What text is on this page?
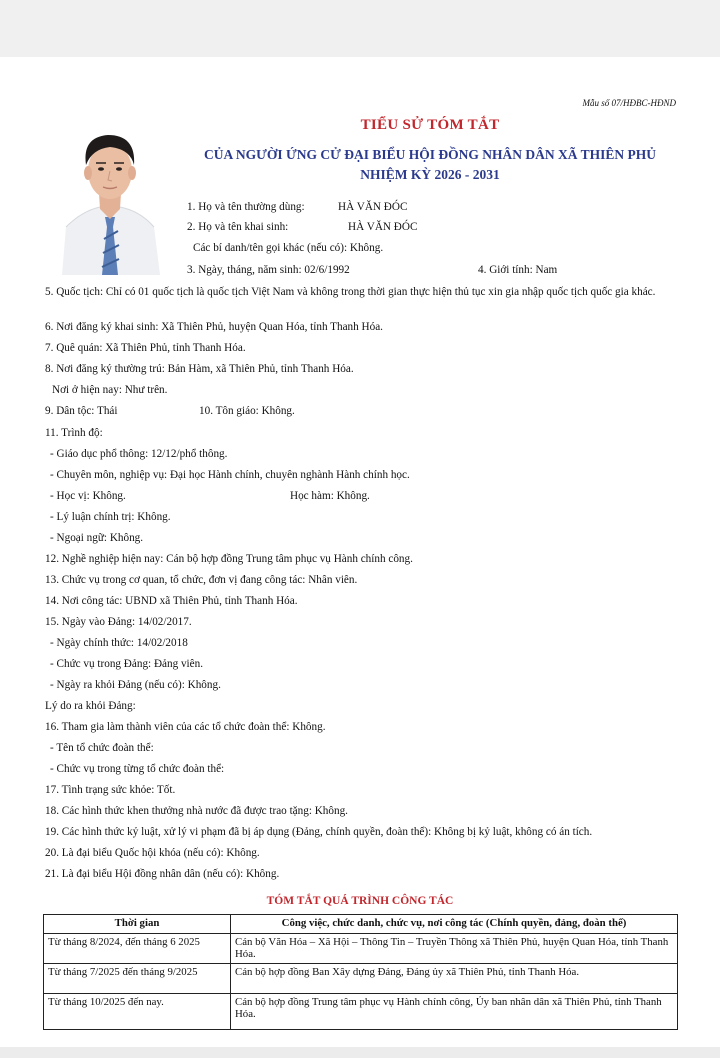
Mẫu số 07/HĐBC-HĐND
TIỂU SỬ TÓM TẮT
CỦA NGƯỜI ỨNG CỬ ĐẠI BIỂU HỘI ĐỒNG NHÂN DÂN XÃ THIÊN PHỦ
NHIỆM KỲ 2026 - 2031
1. Họ và tên thường dùng:	HÀ VĂN ĐÓC
2. Họ và tên khai sinh:	HÀ VĂN ĐÓC
Các bí danh/tên gọi khác (nếu có): Không.
3. Ngày, tháng, năm sinh: 02/6/1992	4. Giới tính: Nam
5. Quốc tịch: Chỉ có 01 quốc tịch là quốc tịch Việt Nam và không trong thời gian thực hiện thủ tục xin gia nhập quốc tịch quốc gia khác.
6. Nơi đăng ký khai sinh: Xã Thiên Phủ, huyện Quan Hóa, tỉnh Thanh Hóa.
7. Quê quán: Xã Thiên Phủ, tỉnh Thanh Hóa.
8. Nơi đăng ký thường trú: Bản Hàm, xã Thiên Phủ, tỉnh Thanh Hóa.
Nơi ở hiện nay: Như trên.
9. Dân tộc: Thái	10. Tôn giáo: Không.
11. Trình độ:
- Giáo dục phổ thông: 12/12/phổ thông.
- Chuyên môn, nghiệp vụ: Đại học Hành chính, chuyên nghành Hành chính học.
- Học vị: Không.	Học hàm: Không.
- Lý luận chính trị: Không.
- Ngoại ngữ: Không.
12. Nghề nghiệp hiện nay: Cán bộ hợp đồng Trung tâm phục vụ Hành chính công.
13. Chức vụ trong cơ quan, tổ chức, đơn vị đang công tác: Nhân viên.
14. Nơi công tác: UBND xã Thiên Phủ, tỉnh Thanh Hóa.
15. Ngày vào Đảng: 14/02/2017.
- Ngày chính thức: 14/02/2018
- Chức vụ trong Đảng: Đảng viên.
- Ngày ra khỏi Đảng (nếu có): Không.
Lý do ra khỏi Đảng:
16. Tham gia làm thành viên của các tổ chức đoàn thể: Không.
- Tên tổ chức đoàn thể:
- Chức vụ trong từng tổ chức đoàn thể:
17. Tình trạng sức khỏe: Tốt.
18. Các hình thức khen thưởng nhà nước đã được trao tặng: Không.
19. Các hình thức kỷ luật, xử lý vi phạm đã bị áp dụng (Đảng, chính quyền, đoàn thể): Không bị kỷ luật, không có án tích.
20. Là đại biểu Quốc hội khóa (nếu có): Không.
21. Là đại biểu Hội đồng nhân dân (nếu có): Không.
TÓM TẮT QUÁ TRÌNH CÔNG TÁC
Thời gian	Công việc, chức danh, chức vụ, nơi công tác (Chính quyền, đảng, đoàn thể)
Từ tháng 8/2024, đến tháng 6 2025	Cán bộ Văn Hóa – Xã Hội – Thông Tin – Truyền Thông xã Thiên Phủ, huyện Quan Hóa, tỉnh Thanh Hóa.
Từ tháng 7/2025 đến tháng 9/2025	Cán bộ hợp đồng Ban Xây dựng Đảng, Đảng ủy xã Thiên Phủ, tỉnh Thanh Hóa.
Từ tháng 10/2025 đến nay.	Cán bộ hợp đồng Trung tâm phục vụ Hành chính công, Ủy ban nhân dân xã Thiên Phủ, tỉnh Thanh Hóa.
